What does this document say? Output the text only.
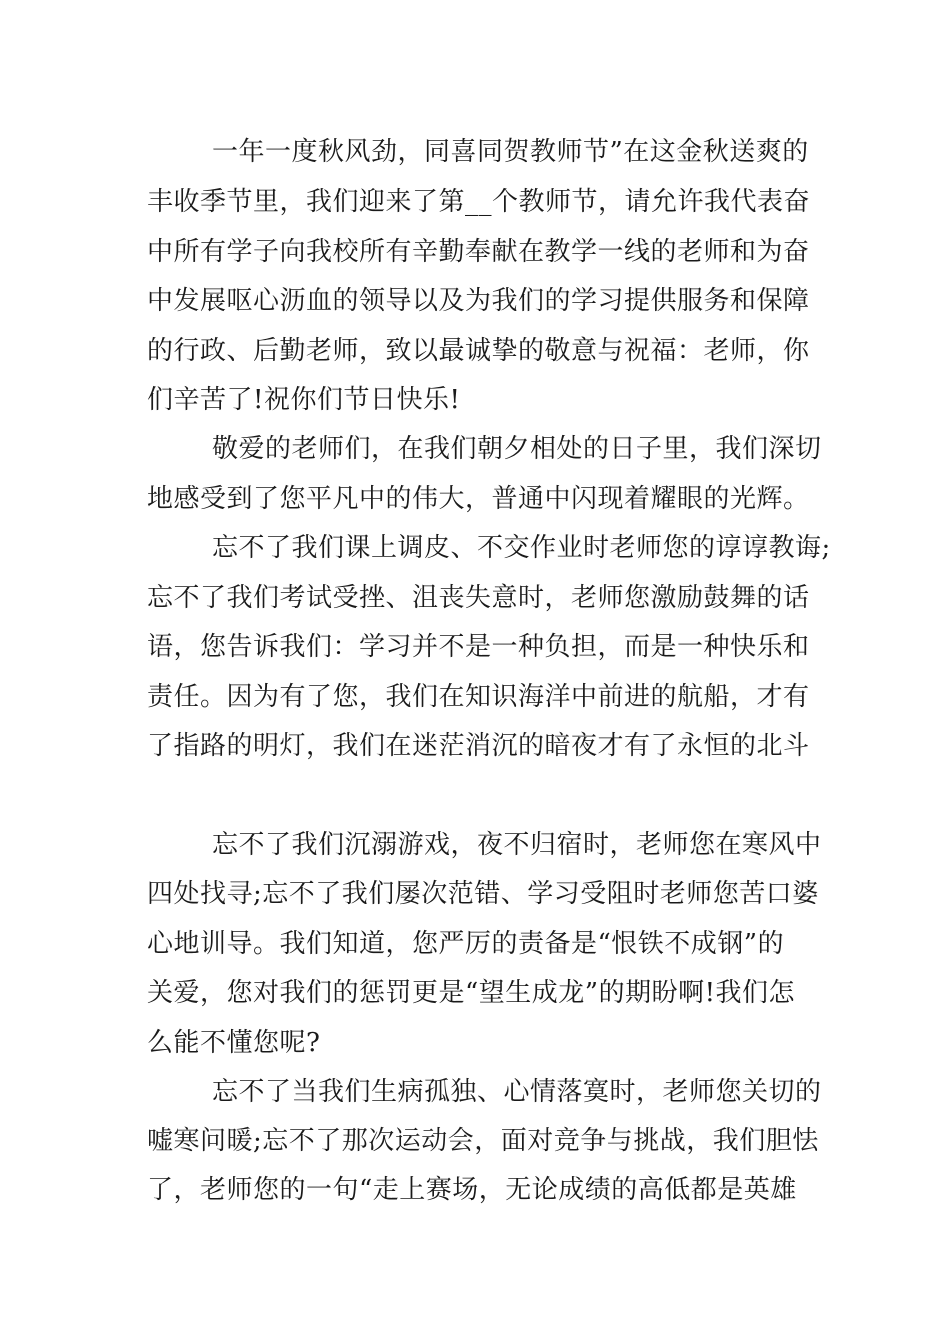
一年一度秋风劲，同喜同贺教师节”在这金秋送爽的
丰收季节里，我们迎来了第__个教师节，请允许我代表奋
中所有学子向我校所有辛勤奉献在教学一线的老师和为奋
中发展呕心沥血的领导以及为我们的学习提供服务和保障
的行政、后勤老师，致以最诚挚的敬意与祝福：老师，你
们辛苦了!祝你们节日快乐!
敬爱的老师们，在我们朝夕相处的日子里，我们深切
地感受到了您平凡中的伟大，普通中闪现着耀眼的光辉。
忘不了我们课上调皮、不交作业时老师您的谆谆教诲;
忘不了我们考试受挫、沮丧失意时，老师您激励鼓舞的话
语，您告诉我们：学习并不是一种负担，而是一种快乐和
责任。因为有了您，我们在知识海洋中前进的航船，才有
了指路的明灯，我们在迷茫消沉的暗夜才有了永恒的北斗
忘不了我们沉溺游戏，夜不归宿时，老师您在寒风中
四处找寻;忘不了我们屡次范错、学习受阻时老师您苦口婆
心地训导。我们知道，您严厉的责备是“恨铁不成钢”的
关爱，您对我们的惩罚更是“望生成龙”的期盼啊!我们怎
么能不懂您呢?
忘不了当我们生病孤独、心情落寞时，老师您关切的
嘘寒问暖;忘不了那次运动会，面对竞争与挑战，我们胆怯
了，老师您的一句“走上赛场，无论成绩的高低都是英雄
